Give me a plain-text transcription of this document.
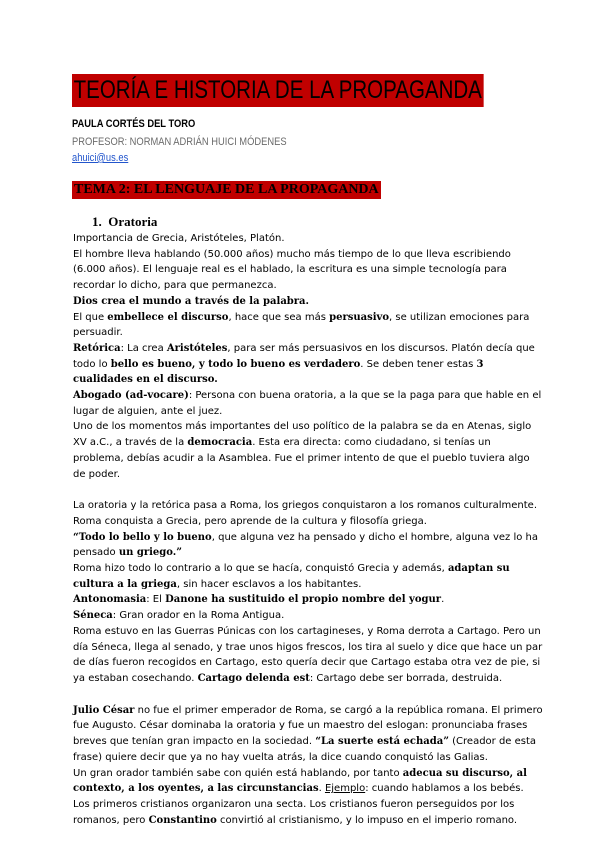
TEORÍA E HISTORIA DE LA PROPAGANDA

PAULA CORTÉS DEL TORO

PROFESOR: NORMAN ADRIÁN HUICI MÓDENES

ahuici@us.es
TEMA 2: EL LENGUAJE DE LA PROPAGANDA
1. Oratoria

Importancia de Grecia, Aristóteles, Platón.

El hombre lleva hablando (50.000 años) mucho más tiempo de lo que lleva escribiendo (6.000 años). El lenguaje real es el hablado, la escritura es una simple tecnología para recordar lo dicho, para que permanezca.

Dios crea el mundo a través de la palabra.

El que embellece el discurso, hace que sea más persuasivo, se utilizan emociones para persuadir.

Retórica: La crea Aristóteles, para ser más persuasivos en los discursos. Platón decía que todo lo bello es bueno, y todo lo bueno es verdadero. Se deben tener estas 3 cualidades en el discurso.

Abogado (ad-vocare): Persona con buena oratoria, a la que se la paga para que hable en el lugar de alguien, ante el juez.

Uno de los momentos más importantes del uso político de la palabra se da en Atenas, siglo XV a.C., a través de la democracia. Esta era directa: como ciudadano, si tenías un problema, debías acudir a la Asamblea. Fue el primer intento de que el pueblo tuviera algo de poder.

La oratoria y la retórica pasa a Roma, los griegos conquistaron a los romanos culturalmente. Roma conquista a Grecia, pero aprende de la cultura y filosofía griega.

“Todo lo bello y lo bueno, que alguna vez ha pensado y dicho el hombre, alguna vez lo ha pensado un griego.”

Roma hizo todo lo contrario a lo que se hacía, conquistó Grecia y además, adaptan su cultura a la griega, sin hacer esclavos a los habitantes.

Antonomasia: El Danone ha sustituido el propio nombre del yogur.

Séneca: Gran orador en la Roma Antigua.

Roma estuvo en las Guerras Púnicas con los cartagineses, y Roma derrota a Cartago. Pero un día Séneca, llega al senado, y trae unos higos frescos, los tira al suelo y dice que hace un par de días fueron recogidos en Cartago, esto quería decir que Cartago estaba otra vez de pie, si ya estaban cosechando. Cartago delenda est: Cartago debe ser borrada, destruida.

Julio César no fue el primer emperador de Roma, se cargó a la república romana. El primero fue Augusto. César dominaba la oratoria y fue un maestro del eslogan: pronunciaba frases breves que tenían gran impacto en la sociedad. “La suerte está echada” (Creador de esta frase) quiere decir que ya no hay vuelta atrás, la dice cuando conquistó las Galias.

Un gran orador también sabe con quién está hablando, por tanto adecua su discurso, al contexto, a los oyentes, a las circunstancias. Ejemplo: cuando hablamos a los bebés.

Los primeros cristianos organizaron una secta. Los cristianos fueron perseguidos por los romanos, pero Constantino convirtió al cristianismo, y lo impuso en el imperio romano.
